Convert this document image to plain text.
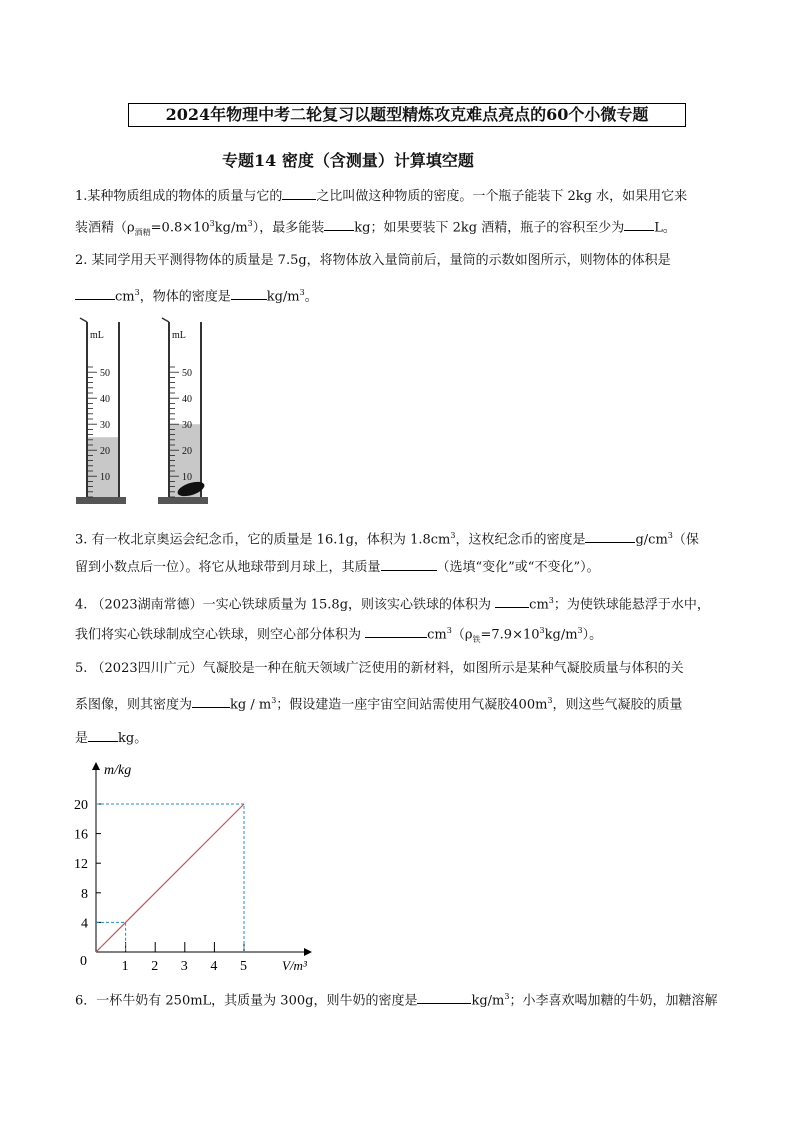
2024年物理中考二轮复习以题型精炼攻克难点亮点的60个小微专题
专题14 密度（含测量）计算填空题
1.某种物质组成的物体的质量与它的	之比叫做这种物质的密度。一个瓶子能装下 2kg 水，如果用它来
装酒精$(\rho_{酒精}=0.8\times 10^3kg/m^3)$，最多能装 kg；如果要装下 2kg 酒精，瓶子的容积至少为 L。
2. 某同学用天平测得物体的质量是 7.5g，将物体放入量筒前后，量筒的示数如图所示，则物体的体积是
$cm^3$，物体的密度是	$kg/m^3$。
mL	mL
50
40
30
20
10
50
40
30
20
10
3. 有一枚北京奥运会纪念币，它的质量是 16.1g，体积为 $1.8cm^3$，这枚纪念币的密度是	$g/cm^3$（保
留到小数点后一位）。将它从地球带到月球上，其质量	（选填“变化”或“不变化”）。
4. （2023湖南常德）一实心铁球质量为 15.8g，则该实心铁球的体积为	$cm^3$；为使铁球能悬浮于水中，
我们将实心铁球制成空心铁球，则空心部分体积为	$cm^3(\rho_铁=7.9\times 10^3kg/m^3)$。
5. （2023四川广元）气凝胶是一种在航天领域广泛使用的新材料，如图所示是某种气凝胶质量与体积的关
系图像，则其密度为	kg / $m^3$；假设建造一座宇宙空间站需使用气凝胶$400m^3$，则这些气凝胶的质量
是 kg。
m/kg
V/m³
0 1 2 3 4 5
4
8
12
16
20
6．一杯牛奶有 250mL，其质量为 300g，则牛奶的密度是	$kg/m^3$；小李喜欢喝加糖的牛奶，加糖溶解
